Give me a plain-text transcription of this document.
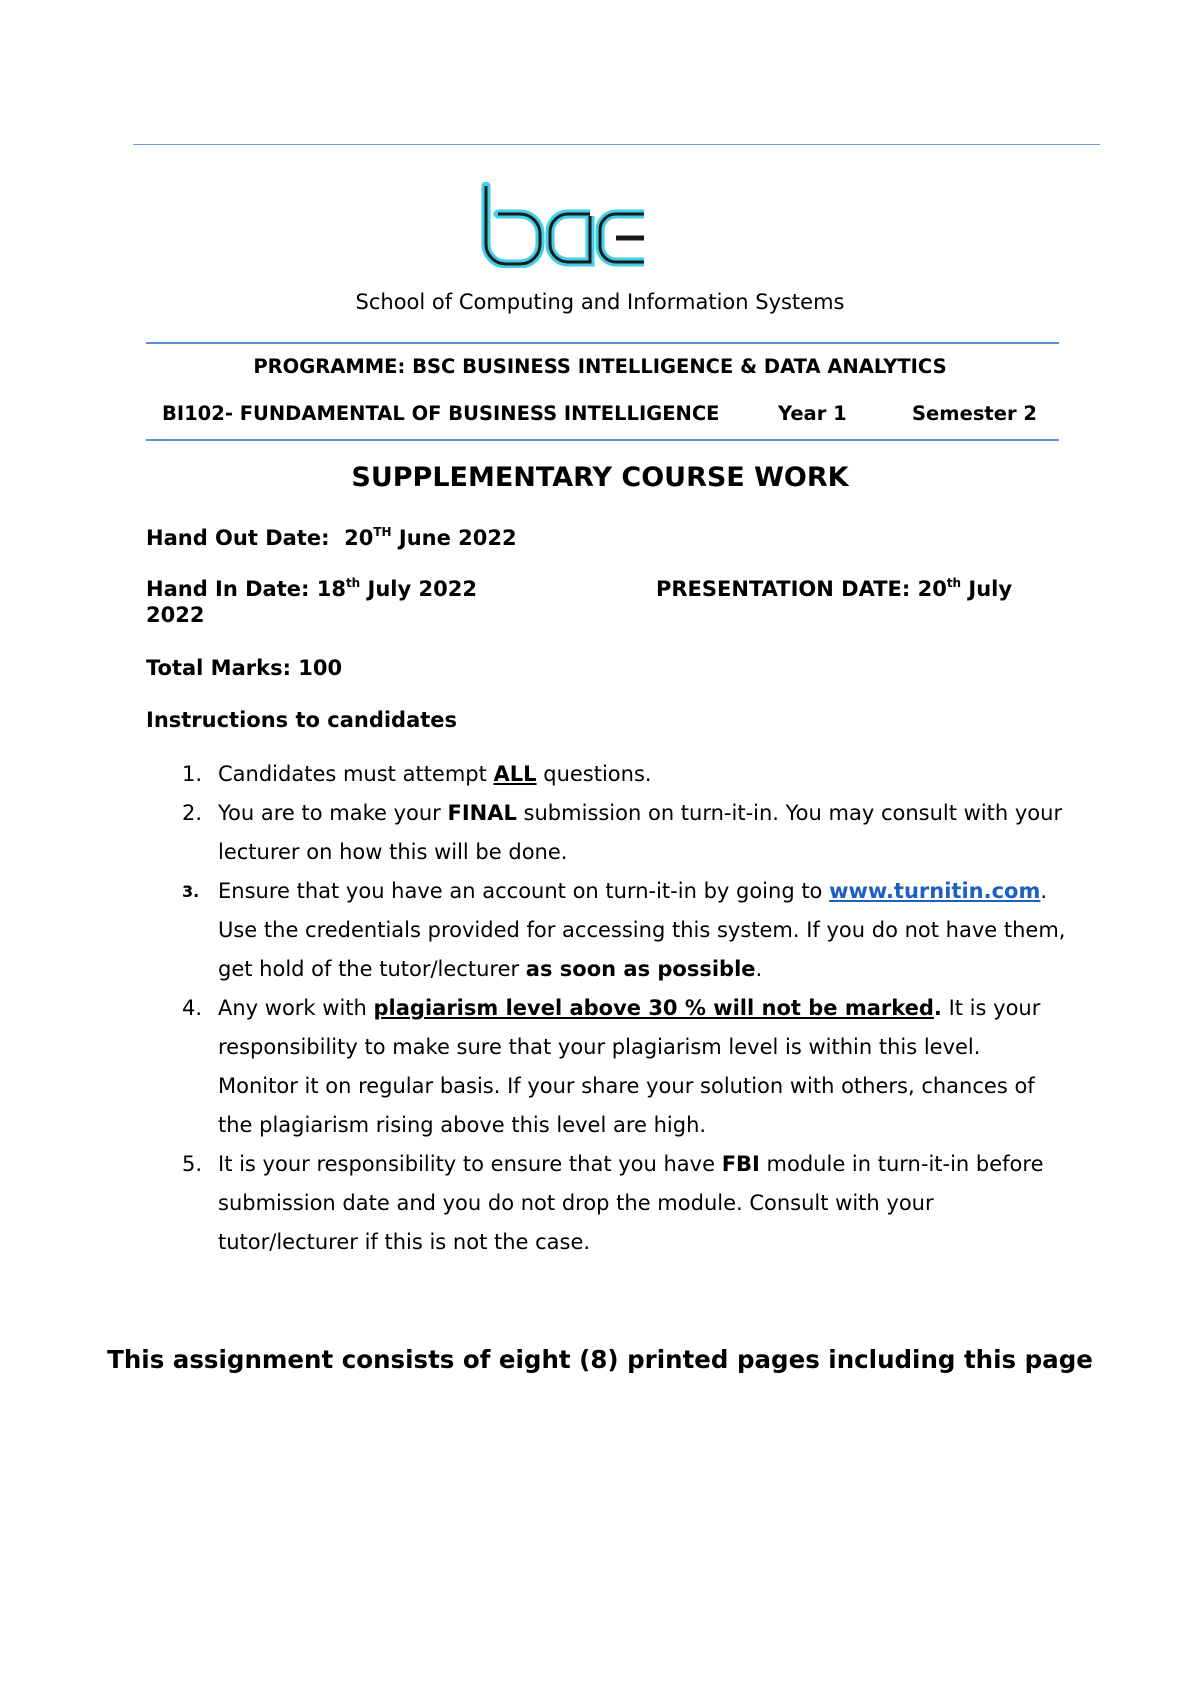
School of Computing and Information Systems
PROGRAMME: BSC BUSINESS INTELLIGENCE & DATA ANALYTICS
BI102- FUNDAMENTAL OF BUSINESS INTELLIGENCE	Year 1	Semester 2
SUPPLEMENTARY COURSE WORK
Hand Out Date: 20TH June 2022
Hand In Date: 18th July 2022	PRESENTATION DATE: 20th July
2022
Total Marks: 100
Instructions to candidates
1. Candidates must attempt ALL questions.
2. You are to make your FINAL submission on turn-it-in. You may consult with your lecturer on how this will be done.
3. Ensure that you have an account on turn-it-in by going to www.turnitin.com. Use the credentials provided for accessing this system. If you do not have them, get hold of the tutor/lecturer as soon as possible.
4. Any work with plagiarism level above 30 % will not be marked. It is your responsibility to make sure that your plagiarism level is within this level. Monitor it on regular basis. If your share your solution with others, chances of the plagiarism rising above this level are high.
5. It is your responsibility to ensure that you have FBI module in turn-it-in before submission date and you do not drop the module. Consult with your tutor/lecturer if this is not the case.
This assignment consists of eight (8) printed pages including this page
